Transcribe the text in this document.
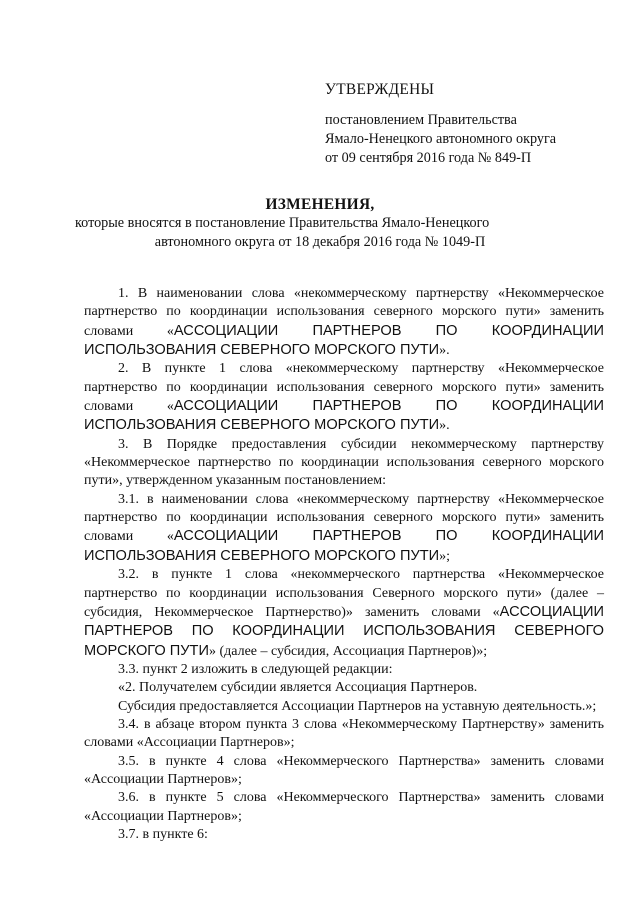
УТВЕРЖДЕНЫ
постановлением Правительства
Ямало-Ненецкого автономного округа
от 09 сентября 2016 года № 849-П
ИЗМЕНЕНИЯ,
которые вносятся в постановление Правительства Ямало-Ненецкого
автономного округа от 18 декабря 2016 года № 1049-П

1. В наименовании слова «некоммерческому партнерству «Некоммерческое партнерство по координации использования северного морского пути» заменить словами «АССОЦИАЦИИ ПАРТНЕРОВ ПО КООРДИНАЦИИ ИСПОЛЬЗОВАНИЯ СЕВЕРНОГО МОРСКОГО ПУТИ».

2. В пункте 1 слова «некоммерческому партнерству «Некоммерческое партнерство по координации использования северного морского пути» заменить словами «АССОЦИАЦИИ ПАРТНЕРОВ ПО КООРДИНАЦИИ ИСПОЛЬЗОВАНИЯ СЕВЕРНОГО МОРСКОГО ПУТИ».

3. В Порядке предоставления субсидии некоммерческому партнерству «Некоммерческое партнерство по координации использования северного морского пути», утвержденном указанным постановлением:

3.1. в наименовании слова «некоммерческому партнерству «Некоммерческое партнерство по координации использования северного морского пути» заменить словами «АССОЦИАЦИИ ПАРТНЕРОВ ПО КООРДИНАЦИИ ИСПОЛЬЗОВАНИЯ СЕВЕРНОГО МОРСКОГО ПУТИ»;

3.2. в пункте 1 слова «некоммерческого партнерства «Некоммерческое партнерство по координации использования Северного морского пути» (далее – субсидия, Некоммерческое Партнерство)» заменить словами «АССОЦИАЦИИ ПАРТНЕРОВ ПО КООРДИНАЦИИ ИСПОЛЬЗОВАНИЯ СЕВЕРНОГО МОРСКОГО ПУТИ» (далее – субсидия, Ассоциация Партнеров)»;

3.3. пункт 2 изложить в следующей редакции:

«2. Получателем субсидии является Ассоциация Партнеров.

Субсидия предоставляется Ассоциации Партнеров на уставную деятельность.»;

3.4. в абзаце втором пункта 3 слова «Некоммерческому Партнерству» заменить словами «Ассоциации Партнеров»;

3.5. в пункте 4 слова «Некоммерческого Партнерства» заменить словами «Ассоциации Партнеров»;

3.6. в пункте 5 слова «Некоммерческого Партнерства» заменить словами «Ассоциации Партнеров»;

3.7. в пункте 6:
